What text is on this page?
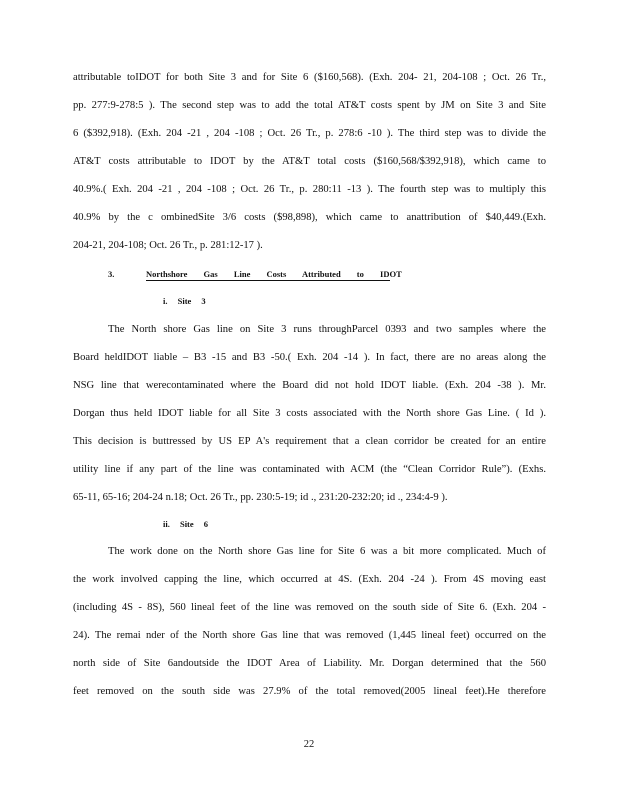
attributable toIDOT for both Site 3 and for Site 6 ($160,568). (Exh. 204- 21, 204-108 ; Oct. 26 Tr.,
pp. 277:9-278:5 ). The second step was to add the total AT&T costs spent by JM on Site 3 and Site
6 ($392,918). (Exh. 204 -21 , 204 -108 ; Oct. 26 Tr., p. 278:6 -10 ). The third step was to divide the
AT&T costs attributable to IDOT by the AT&T total costs ($160,568/$392,918), which came to
40.9%.( Exh. 204 -21 , 204 -108 ; Oct. 26 Tr., p. 280:11 -13 ). The fourth step was to multiply this
40.9% by the c ombinedSite 3/6 costs ($98,898), which came to anattribution of $40,449.(Exh.
204-21, 204-108; Oct. 26 Tr., p. 281:12-17 ).
3.	Northshore Gas Line Costs Attributed to IDOT
i. Site 3
The North shore Gas line on Site 3 runs throughParcel 0393 and two samples where the
Board heldIDOT liable – B3 -15 and B3 -50.( Exh. 204 -14 ). In fact, there are no areas along the
NSG line that werecontaminated where the Board did not hold IDOT liable. (Exh. 204 -38 ). Mr.
Dorgan thus held IDOT liable for all Site 3 costs associated with the North shore Gas Line. ( Id ).
This decision is buttressed by US EP A's requirement that a clean corridor be created for an entire
utility line if any part of the line was contaminated with ACM (the “Clean Corridor Rule”). (Exhs.
65-11, 65-16; 204-24 n.18; Oct. 26 Tr., pp. 230:5-19; id ., 231:20-232:20; id ., 234:4-9 ).
ii. Site 6
The work done on the North shore Gas line for Site 6 was a bit more complicated. Much of
the work involved capping the line, which occurred at 4S. (Exh. 204 -24 ). From 4S moving east
(including 4S - 8S), 560 lineal feet of the line was removed on the south side of Site 6. (Exh. 204 -
24). The remai nder of the North shore Gas line that was removed (1,445 lineal feet) occurred on the
north side of Site 6andoutside the IDOT Area of Liability. Mr. Dorgan determined that the 560
feet removed on the south side was 27.9% of the total removed(2005 lineal feet).He therefore
22
